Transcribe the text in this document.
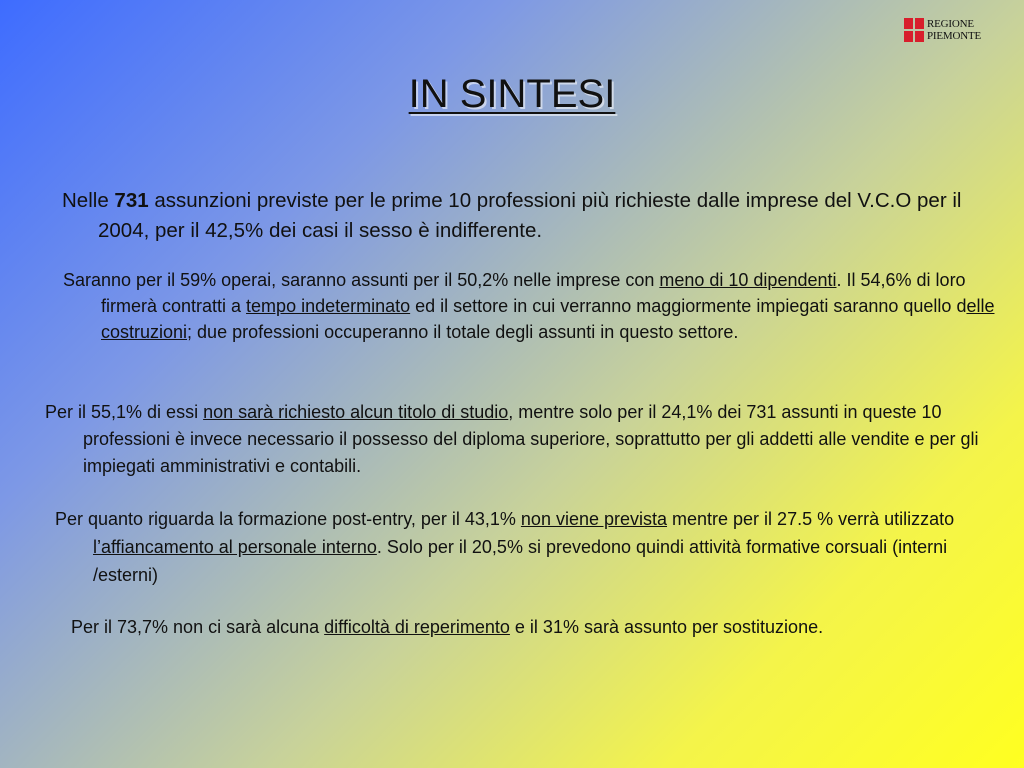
REGIONE
PIEMONTE
IN SINTESI

Nelle 731 assunzioni previste per le prime 10 professioni più richieste dalle imprese del V.C.O per il 2004, per il 42,5% dei casi il sesso è indifferente.

Saranno per il 59% operai, saranno assunti per il 50,2% nelle imprese con meno di 10 dipendenti. Il 54,6% di loro firmerà contratti a tempo indeterminato ed il settore in cui verranno maggiormente impiegati saranno quello delle costruzioni; due professioni occuperanno il totale degli assunti in questo settore.

Per il 55,1% di essi non sarà richiesto alcun titolo di studio, mentre solo per il 24,1% dei 731 assunti in queste 10 professioni è invece necessario il possesso del diploma superiore, soprattutto per gli addetti alle vendite e per gli impiegati amministrativi e contabili.

Per quanto riguarda la formazione post-entry, per il 43,1% non viene prevista mentre per il 27.5 % verrà utilizzato l’affiancamento al personale interno. Solo per il 20,5% si prevedono quindi attività formative corsuali (interni /esterni)

Per il 73,7% non ci sarà alcuna difficoltà di reperimento e il 31% sarà assunto per sostituzione.
